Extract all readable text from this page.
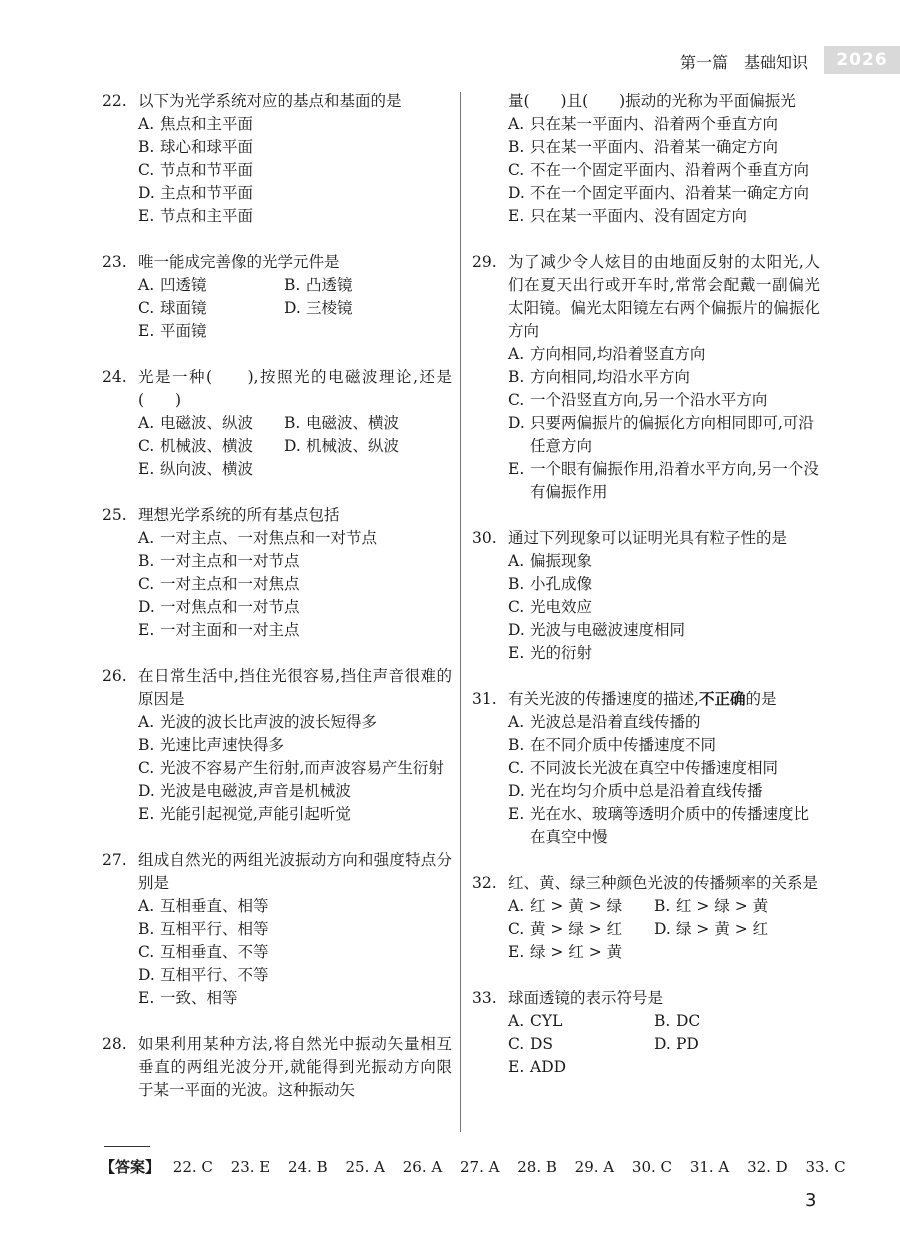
第一篇　基础知识	2026
22. 以下为光学系统对应的基点和基面的是
A. 焦点和主平面
B. 球心和球平面
C. 节点和节平面
D. 主点和节平面
E. 节点和主平面
23. 唯一能成完善像的光学元件是
A. 凹透镜	B. 凸透镜
C. 球面镜	D. 三棱镜
E. 平面镜
24. 光是一种(　　),按照光的电磁波理论,还是(　　)
A. 电磁波、纵波	B. 电磁波、横波
C. 机械波、横波	D. 机械波、纵波
E. 纵向波、横波
25. 理想光学系统的所有基点包括
A. 一对主点、一对焦点和一对节点
B. 一对主点和一对节点
C. 一对主点和一对焦点
D. 一对焦点和一对节点
E. 一对主面和一对主点
26. 在日常生活中,挡住光很容易,挡住声音很难的原因是
A. 光波的波长比声波的波长短得多
B. 光速比声速快得多
C. 光波不容易产生衍射,而声波容易产生衍射
D. 光波是电磁波,声音是机械波
E. 光能引起视觉,声能引起听觉
27. 组成自然光的两组光波振动方向和强度特点分别是
A. 互相垂直、相等
B. 互相平行、相等
C. 互相垂直、不等
D. 互相平行、不等
E. 一致、相等
28. 如果利用某种方法,将自然光中振动矢量相互垂直的两组光波分开,就能得到光振动方向限于某一平面的光波。这种振动矢
量(　　)且(　　)振动的光称为平面偏振光
A. 只在某一平面内、沿着两个垂直方向
B. 只在某一平面内、沿着某一确定方向
C. 不在一个固定平面内、沿着两个垂直方向
D. 不在一个固定平面内、沿着某一确定方向
E. 只在某一平面内、没有固定方向
29. 为了减少令人炫目的由地面反射的太阳光,人们在夏天出行或开车时,常常会配戴一副偏光太阳镜。偏光太阳镜左右两个偏振片的偏振化方向
A. 方向相同,均沿着竖直方向
B. 方向相同,均沿水平方向
C. 一个沿竖直方向,另一个沿水平方向
D. 只要两偏振片的偏振化方向相同即可,可沿任意方向
E. 一个眼有偏振作用,沿着水平方向,另一个没有偏振作用
30. 通过下列现象可以证明光具有粒子性的是
A. 偏振现象
B. 小孔成像
C. 光电效应
D. 光波与电磁波速度相同
E. 光的衍射
31. 有关光波的传播速度的描述,不正确的是
A. 光波总是沿着直线传播的
B. 在不同介质中传播速度不同
C. 不同波长光波在真空中传播速度相同
D. 光在均匀介质中总是沿着直线传播
E. 光在水、玻璃等透明介质中的传播速度比在真空中慢
32. 红、黄、绿三种颜色光波的传播频率的关系是
A. 红 > 黄 > 绿	B. 红 > 绿 > 黄
C. 黄 > 绿 > 红	D. 绿 > 黄 > 红
E. 绿 > 红 > 黄
33. 球面透镜的表示符号是
A. CYL	B. DC
C. DS	D. PD
E. ADD
【答案】 22. C 23. E 24. B 25. A 26. A 27. A 28. B 29. A 30. C 31. A 32. D 33. C
3
